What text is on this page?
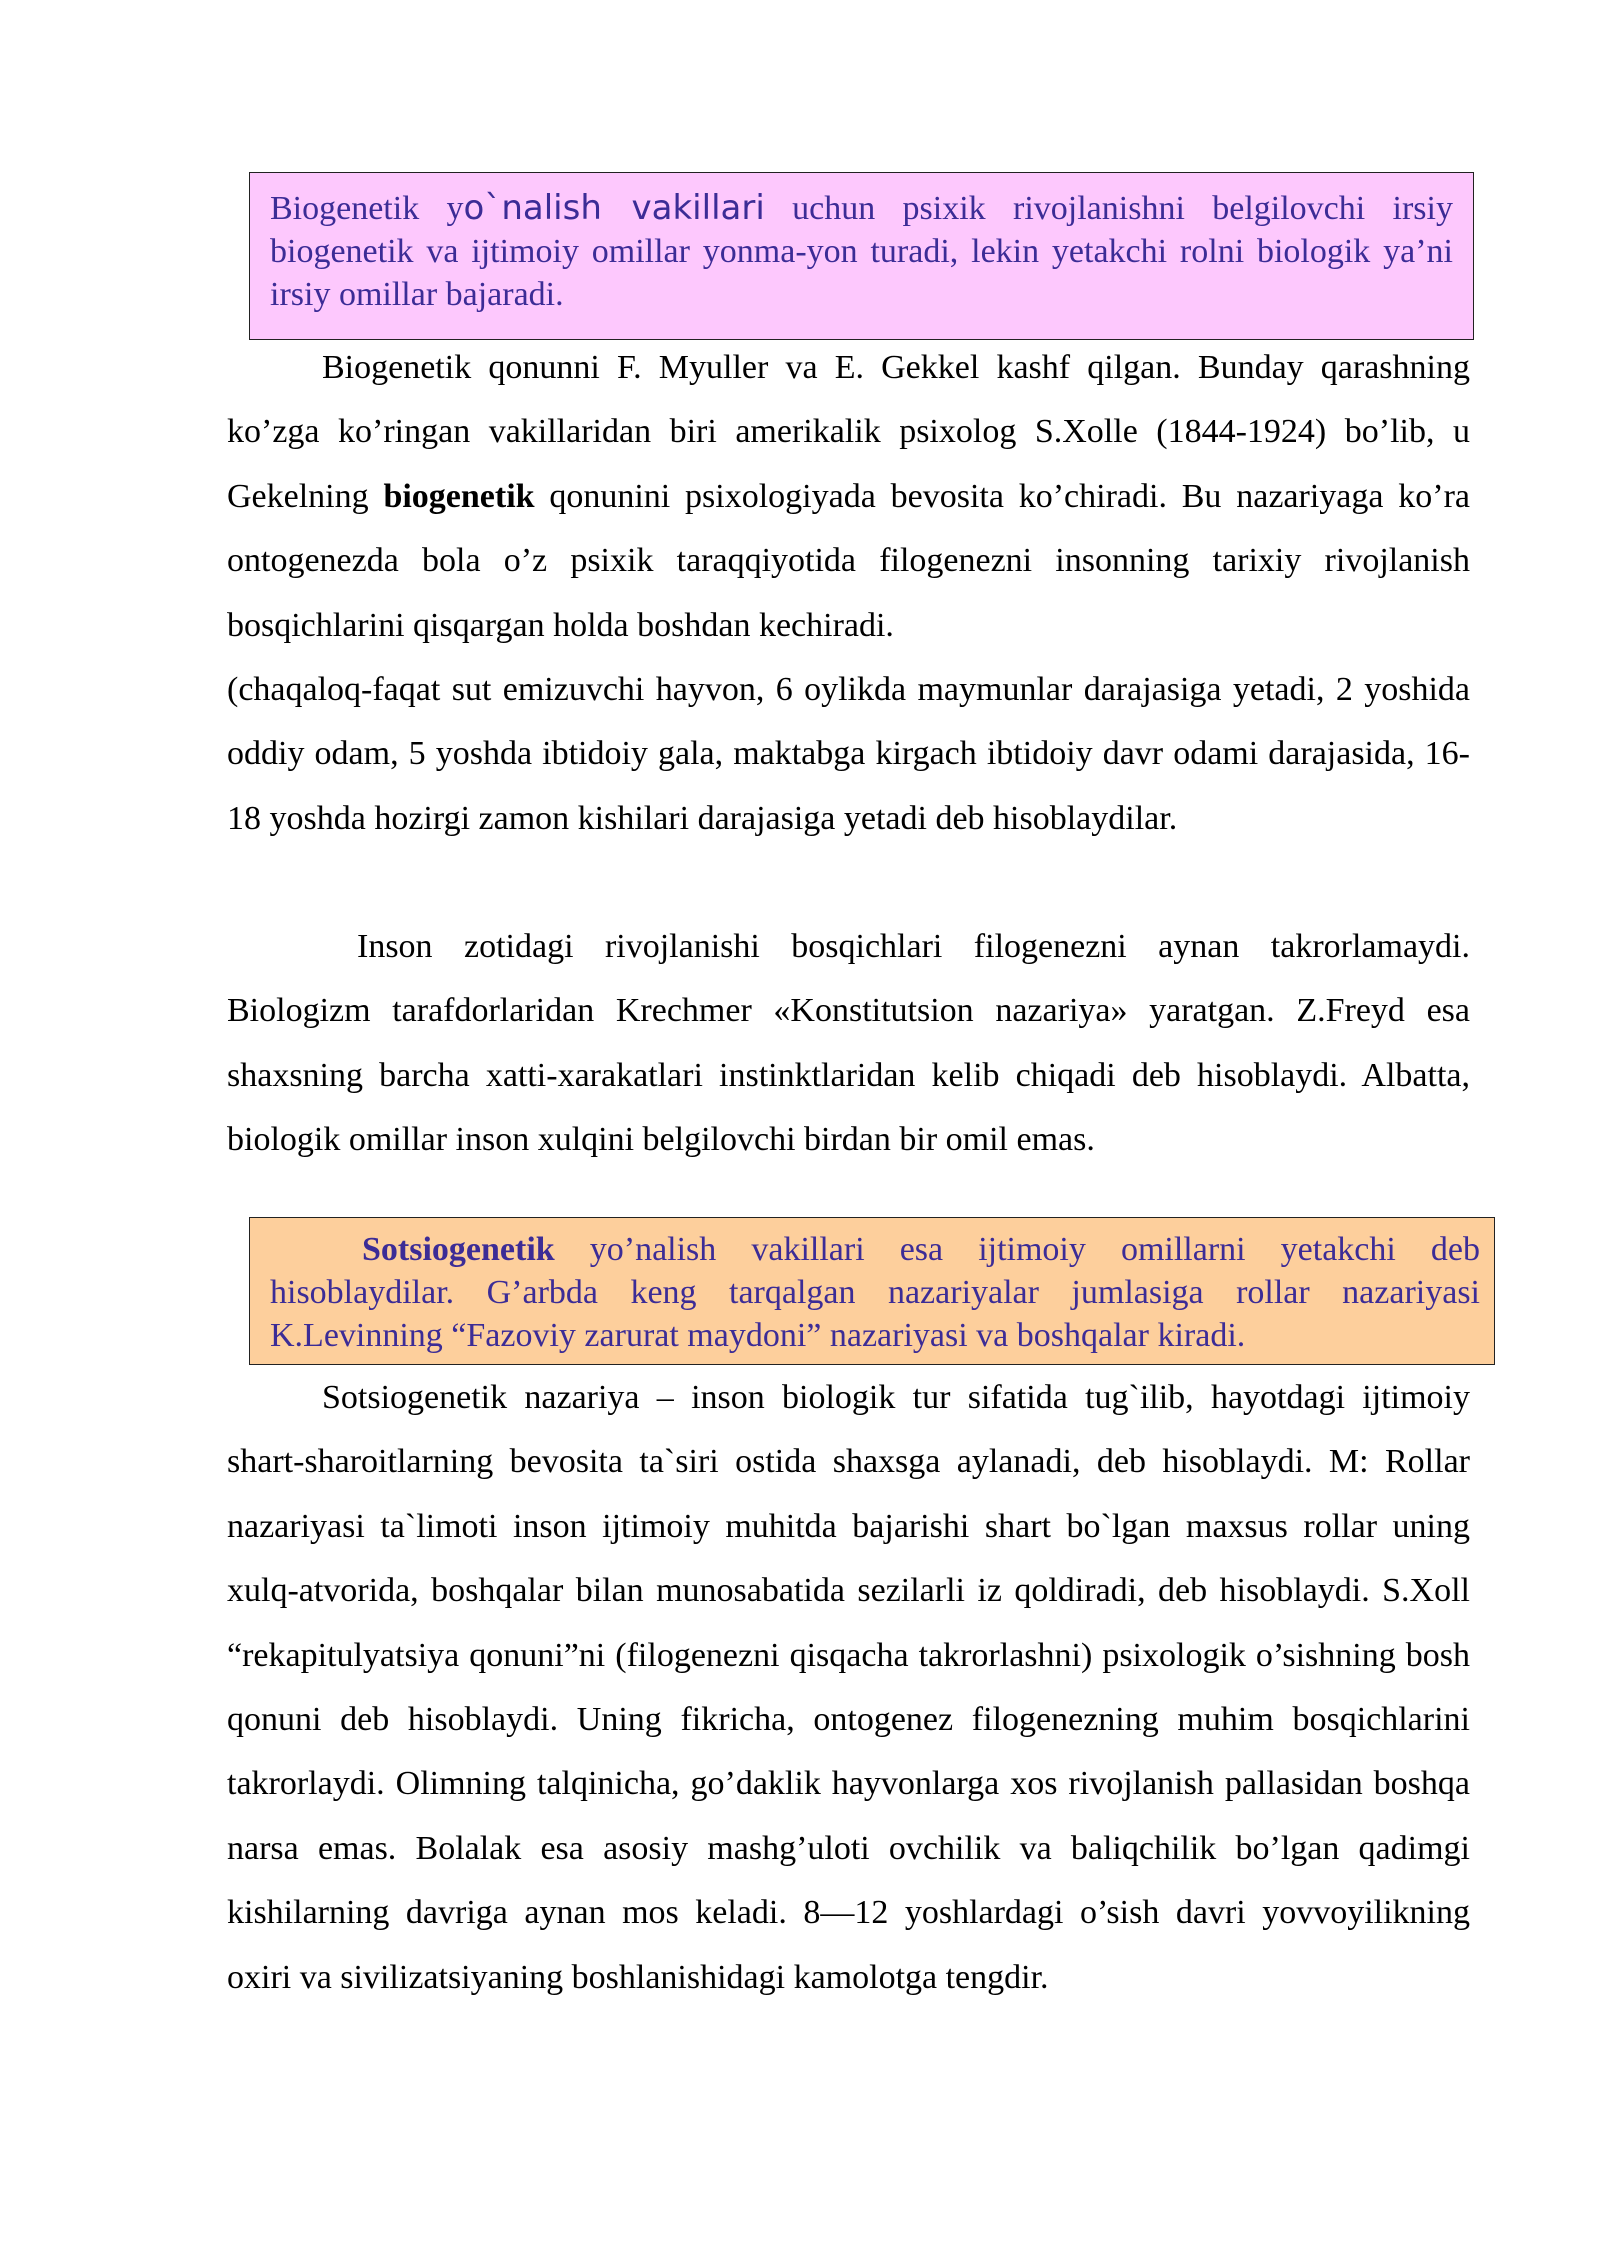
Biogenetik yo`nalish vakillari uchun psixik rivojlanishni belgilovchi irsiy biogenetik va ijtimoiy omillar yonma-yon turadi, lekin yetakchi rolni biologik ya’ni irsiy omillar bajaradi.

Biogenetik qonunni F. Myuller va E. Gekkel kashf qilgan. Bunday qarashning ko’zga ko’ringan vakillaridan biri amerikalik psixolog S.Xolle (1844-1924) bo’lib, u Gekelning biogenetik qonunini psixologiyada bevosita ko’chiradi. Bu nazariyaga ko’ra ontogenezda bola o’z psixik taraqqiyotida filogenezni insonning tarixiy rivojlanish bosqichlarini qisqargan holda boshdan kechiradi.

(chaqaloq-faqat sut emizuvchi hayvon, 6 oylikda maymunlar darajasiga yetadi, 2 yoshida oddiy odam, 5 yoshda ibtidoiy gala, maktabga kirgach ibtidoiy davr odami darajasida, 16-18 yoshda hozirgi zamon kishilari darajasiga yetadi deb hisoblaydilar.

Inson zotidagi rivojlanishi bosqichlari filogenezni aynan takrorlamaydi. Biologizm tarafdorlaridan Krechmer «Konstitutsion nazariya» yaratgan. Z.Freyd esa shaxsning barcha xatti-xarakatlari instinktlaridan kelib chiqadi deb hisoblaydi. Albatta, biologik omillar inson xulqini belgilovchi birdan bir omil emas.

Sotsiogenetik yo’nalish vakillari esa ijtimoiy omillarni yetakchi deb hisoblaydilar. G’arbda keng tarqalgan nazariyalar jumlasiga rollar nazariyasi K.Levinning “Fazoviy zarurat maydoni” nazariyasi va boshqalar kiradi.

Sotsiogenetik nazariya – inson biologik tur sifatida tug`ilib, hayotdagi ijtimoiy shart-sharoitlarning bevosita ta`siri ostida shaxsga aylanadi, deb hisoblaydi. M: Rollar nazariyasi ta`limoti inson ijtimoiy muhitda bajarishi shart bo`lgan maxsus rollar uning xulq-atvorida, boshqalar bilan munosabatida sezilarli iz qoldiradi, deb hisoblaydi. S.Xoll “rekapitulyatsiya qonuni”ni (filogenezni qisqacha takrorlashni) psixologik o’sishning bosh qonuni deb hisoblaydi. Uning fikricha, ontogenez filogenezning muhim bosqichlarini takrorlaydi. Olimning talqinicha, go’daklik hayvonlarga xos rivojlanish pallasidan boshqa narsa emas. Bolalak esa asosiy mashg’uloti ovchilik va baliqchilik bo’lgan qadimgi kishilarning davriga aynan mos keladi. 8—12 yoshlardagi o’sish davri yovvoyilikning oxiri va sivilizatsiyaning boshlanishidagi kamolotga tengdir.
